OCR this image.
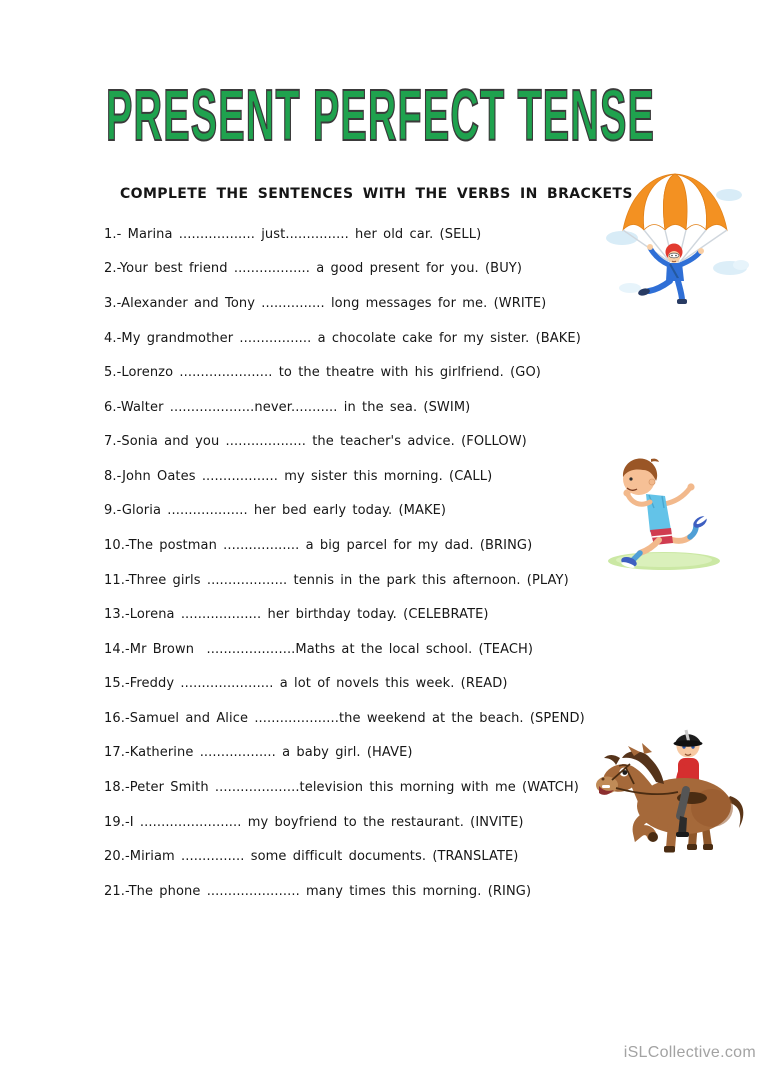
PRESENT PERFECT TENSE

COMPLETE THE SENTENCES WITH THE VERBS IN BRACKETS

1.- Marina .................. just............... her old car. (SELL)

2.-Your best friend .................. a good present for you. (BUY)

3.-Alexander and Tony ............... long messages for me. (WRITE)

4.-My grandmother ................. a chocolate cake for my sister. (BAKE)

5.-Lorenzo ...................... to the theatre with his girlfriend. (GO)

6.-Walter ....................never........... in the sea. (SWIM)

7.-Sonia and you ................... the teacher's advice. (FOLLOW)

8.-John Oates .................. my sister this morning. (CALL)

9.-Gloria ................... her bed early today. (MAKE)

10.-The postman .................. a big parcel for my dad. (BRING)

11.-Three girls ................... tennis in the park this afternoon. (PLAY)

13.-Lorena ................... her birthday today. (CELEBRATE)

14.-Mr Brown  .....................Maths at the local school. (TEACH)

15.-Freddy ...................... a lot of novels this week. (READ)

16.-Samuel and Alice ....................the weekend at the beach. (SPEND)

17.-Katherine .................. a baby girl. (HAVE)

18.-Peter Smith ....................television this morning with me (WATCH)

19.-I ........................ my boyfriend to the restaurant. (INVITE)

20.-Miriam ............... some difficult documents. (TRANSLATE)

21.-The phone ...................... many times this morning. (RING)

iSLCollective.com
